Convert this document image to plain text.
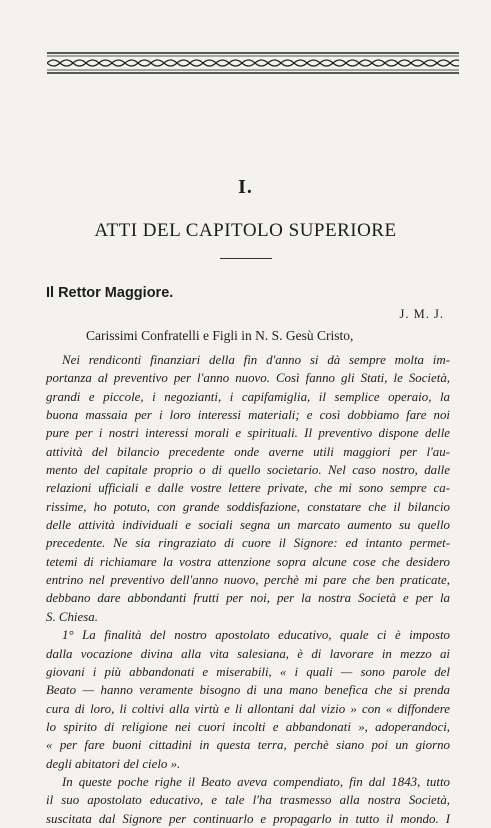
I.
ATTI DEL CAPITOLO SUPERIORE
Il Rettor Maggiore.
J. M. J.
Carissimi Confratelli e Figli in N. S. Gesù Cristo,
Nei rendiconti finanziari della fin d'anno si dà sempre molta im-
portanza al preventivo per l'anno nuovo. Così fanno gli Stati, le Società,
grandi e piccole, i negozianti, i capifamiglia, il semplice operaio, la
buona massaia per i loro interessi materiali; e così dobbiamo fare noi
pure per i nostri interessi morali e spirituali. Il preventivo dispone delle
attività del bilancio precedente onde averne utili maggiori per l'au-
mento del capitale proprio o di quello societario. Nel caso nostro, dalle
relazioni ufficiali e dalle vostre lettere private, che mi sono sempre ca-
rissime, ho potuto, con grande soddisfazione, constatare che il bilancio
delle attività individuali e sociali segna un marcato aumento su quello
precedente. Ne sia ringraziato di cuore il Signore: ed intanto permet-
tetemi di richiamare la vostra attenzione sopra alcune cose che desidero
entrino nel preventivo dell'anno nuovo, perchè mi pare che ben praticate,
debbano dare abbondanti frutti per noi, per la nostra Società e per la
S. Chiesa.
1° La finalità del nostro apostolato educativo, quale ci è imposto
dalla vocazione divina alla vita salesiana, è di lavorare in mezzo ai
giovani i più abbandonati e miserabili, « i quali — sono parole del
Beato — hanno veramente bisogno di una mano benefica che si prenda
cura di loro, li coltivi alla virtù e li allontani dal vizio » con « diffondere
lo spirito di religione nei cuori incolti e abbandonati », adoperandoci,
« per fare buoni cittadini in questa terra, perchè siano poi un giorno
degli abitatori del cielo ».
In queste poche righe il Beato aveva compendiato, fin dal 1843, tutto
il suo apostolato educativo, e tale l'ha trasmesso alla nostra Società,
suscitata dal Signore per continuarlo e propagarlo in tutto il mondo. I
